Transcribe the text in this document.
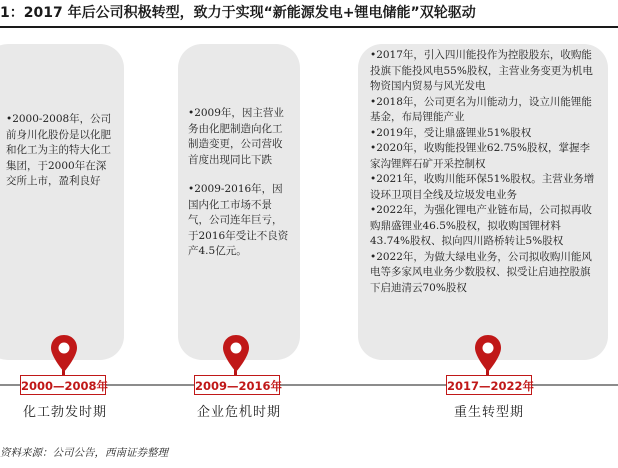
1：2017 年后公司积极转型，致力于实现“新能源发电+锂电储能”双轮驱动

•2000-2008年，公司前身川化股份是以化肥和化工为主的特大化工集团，于2000年在深交所上市，盈利良好

•2009年，因主营业务由化肥制造向化工制造变更，公司营收首度出现同比下跌

•2009-2016年，因国内化工市场不景气，公司连年巨亏，于2016年受让不良资产4.5亿元。

•2017年，引入四川能投作为控股股东，收购能投旗下能投风电55%股权，主营业务变更为机电物资国内贸易与风光发电

•2018年，公司更名为川能动力，设立川能锂能基金，布局锂能产业

•2019年，受让鼎盛锂业51%股权

•2020年，收购能投锂业62.75%股权，掌握李家沟锂辉石矿开采控制权

•2021年，收购川能环保51%股权。主营业务增设环卫项目全线及垃圾发电业务

•2022年，为强化锂电产业链布局，公司拟再收购鼎盛锂业46.5%股权，拟收购国锂材料43.74%股权、拟向四川路桥转让5%股权

•2022年，为做大绿电业务，公司拟收购川能风电等多家风电业务少数股权、拟受让启迪控股旗下启迪清云70%股权

2000—2008年	2009—2016年	2017—2022年
化工勃发时期	企业危机时期	重生转型期
资料来源：公司公告，西南证券整理
